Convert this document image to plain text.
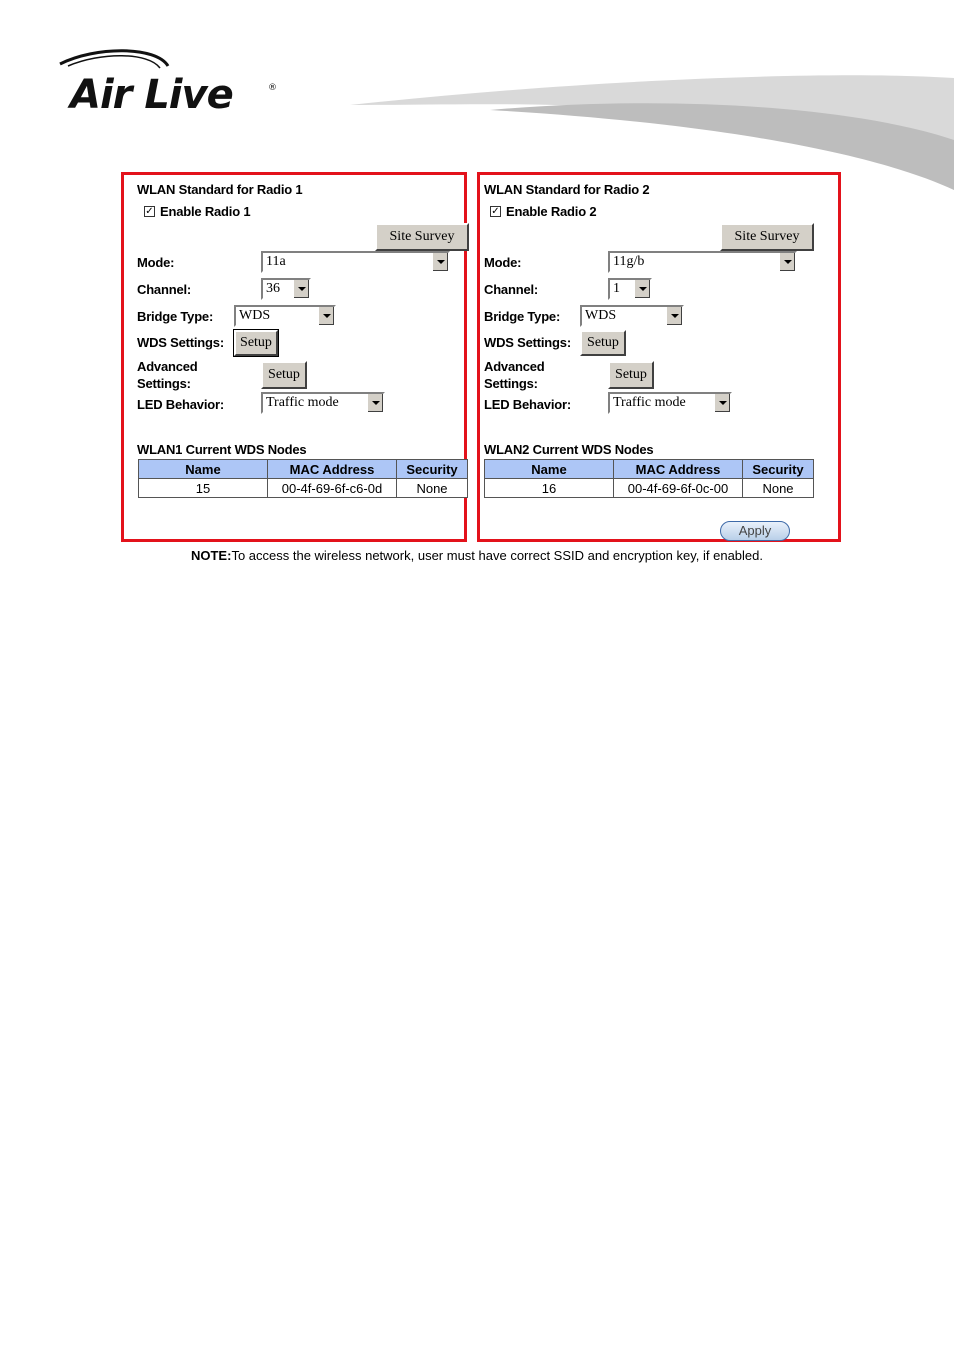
Air Live	®
WLAN Standard for Radio 1
✓ Enable Radio 1
Site Survey
Mode:	11a
Channel:	36
Bridge Type: WDS
WDS Settings:	Setup
Advanced
Settings:
Setup
LED Behavior:	Traffic mode
WLAN1 Current WDS Nodes
Name	MAC Address	Security
15	00-4f-69-6f-c6-0d	None
WLAN Standard for Radio 2
✓ Enable Radio 2
Site Survey
Mode:	11g/b
Channel:	1
Bridge Type: WDS
WDS Settings:	Setup
Advanced
Settings:
Setup
LED Behavior:	Traffic mode
WLAN2 Current WDS Nodes
Name	MAC Address	Security
16	00-4f-69-6f-0c-00	None
Apply
NOTE:To access the wireless network, user must have correct SSID and encryption key, if enabled.
